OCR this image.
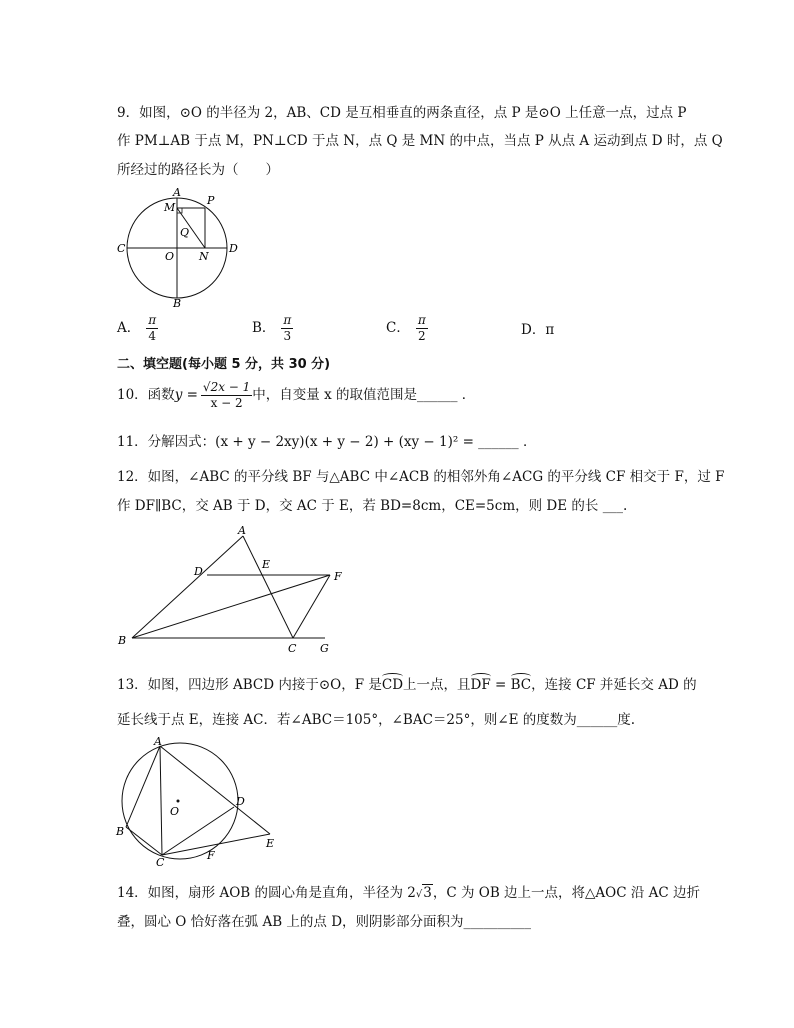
9．如图，⊙O 的半径为 2，AB、CD 是互相垂直的两条直径，点 P 是⊙O 上任意一点，过点 P
作 PM⊥AB 于点 M，PN⊥CD 于点 N，点 Q 是 MN 的中点，当点 P 从点 A 运动到点 D 时，点 Q
所经过的路径长为（　　）
A
P
M
Q
C	D
O N
B
A． $\frac{\pi}{4}$	B． $\frac{\pi}{3}$	C． $\frac{\pi}{2}$	D．π
二、填空题(每小题 5 分，共 30 分)
10．函数$y = \frac{√2x - 1}{x - 2}$ 中，自变量 x 的取值范围是______ ．
11．分解因式：(x + y − 2xy)(x + y − 2) + (xy − 1)² = ______ ．
12．如图，∠ABC 的平分线 BF 与△ABC 中∠ACB 的相邻外角∠ACG 的平分线 CF 相交于 F，过 F
作 DF∥BC，交 AB 于 D，交 AC 于 E，若 BD=8cm，CE=5cm，则 DE 的长 ___.
A
D
E
F
B
C G
13．如图，四边形 ABCD 内接于⊙O，F 是CD上一点，且DF = BC，连接 CF 并延长交 AD 的
延长线于点 E，连接 AC．若∠ABC＝105°，∠BAC＝25°，则∠E 的度数为______度.
A
O
D
B
E
C
F
14．如图，扇形 AOB 的圆心角是直角，半径为 2√3，C 为 OB 边上一点，将△AOC 沿 AC 边折
叠，圆心 O 恰好落在弧 AB 上的点 D，则阴影部分面积为__________
